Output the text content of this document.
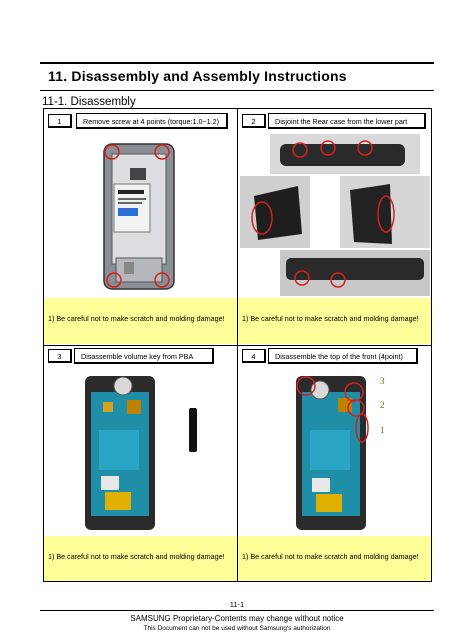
11. Disassembly and Assembly Instructions
11-1. Disassembly
1	Remove screw at 4 points (torque:1.0~1.2)	2	Disjoint the Rear case from the lower part
1) Be careful not to make scratch and molding damage!	1) Be careful not to make scratch and molding damage!
3	Disassemble volume key from PBA	4	Disassemble the top of the front (4point)
3
2
1
1) Be careful not to make scratch and molding damage!	1) Be careful not to make scratch and molding damage!
11-1
SAMSUNG Proprietary-Contents may change without notice
This Document can not be used without Samsung's authorization
